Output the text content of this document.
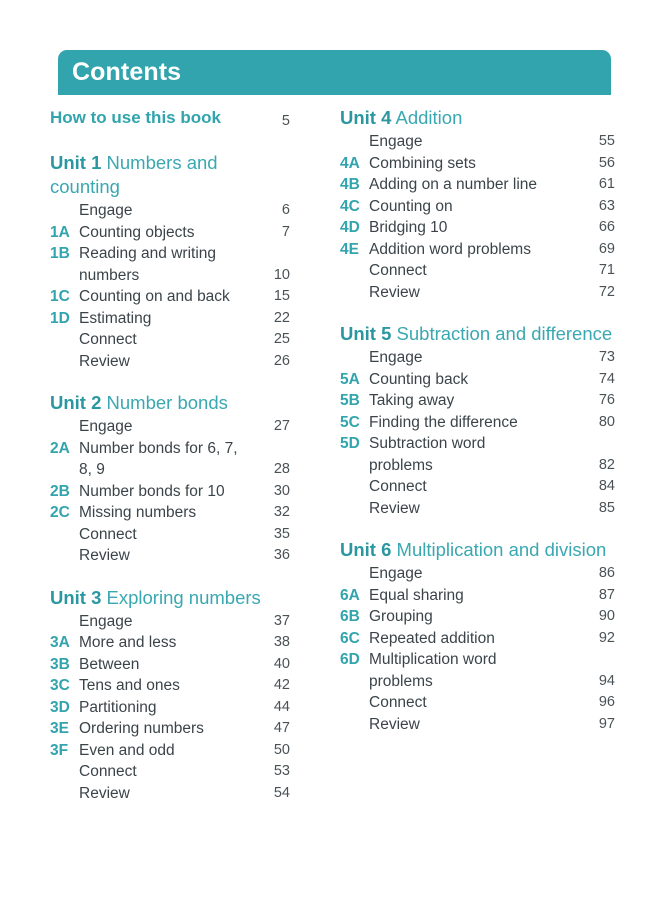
Contents
How to use this book	5
Unit 1 Numbers and counting
Engage	6
1A Counting objects	7
1B Reading and writing
numbers	10
1C Counting on and back	15
1D Estimating	22
Connect	25
Review	26
Unit 2 Number bonds
Engage	27
2A Number bonds for 6, 7,
8, 9	28
2B Number bonds for 10	30
2C Missing numbers	32
Connect	35
Review	36
Unit 3 Exploring numbers
Engage	37
3A More and less	38
3B Between	40
3C Tens and ones	42
3D Partitioning	44
3E Ordering numbers	47
3F Even and odd	50
Connect	53
Review	54
Unit 4 Addition
Engage	55
4A Combining sets	56
4B Adding on a number line	61
4C Counting on	63
4D Bridging 10	66
4E Addition word problems	69
Connect	71
Review	72
Unit 5 Subtraction and difference
Engage	73
5A Counting back	74
5B Taking away	76
5C Finding the difference	80
5D Subtraction word
problems	82
Connect	84
Review	85
Unit 6 Multiplication and division
Engage	86
6A Equal sharing	87
6B Grouping	90
6C Repeated addition	92
6D Multiplication word
problems	94
Connect	96
Review	97
